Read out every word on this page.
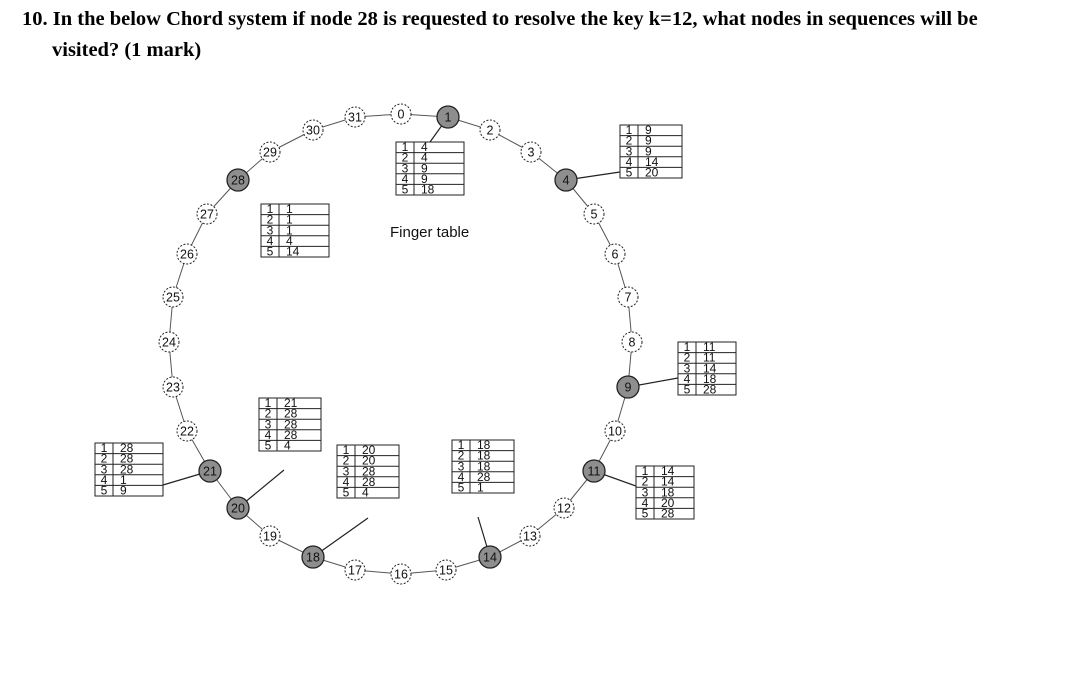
10. In the below Chord system if node 28 is requested to resolve the key k=12, what nodes in sequences will be
visited? (1 mark)
0	1
2
3
4
5
6
7
8
9
10
11
12
13
14
15
16
17
18
19
20
21
22
23
24
25
26
27
28
29
30
31
1 4
2 4
3 9
4 9
5 18
1 9
2 9
3 9
4 14
5 20
1 11
2 11
3 14
4 18
5 28
1 14
2 14
3 18
4 20
5 28
1 18
2 18
3 18
4 28
5 1
1 20
2 20
3 28
4 28
5 4
1 21
2 28
3 28
4 28
5 4
1 28
2 28
3 28
4 1
5 9
1 1
2 1
3 1
4 4
5 14
Finger table
